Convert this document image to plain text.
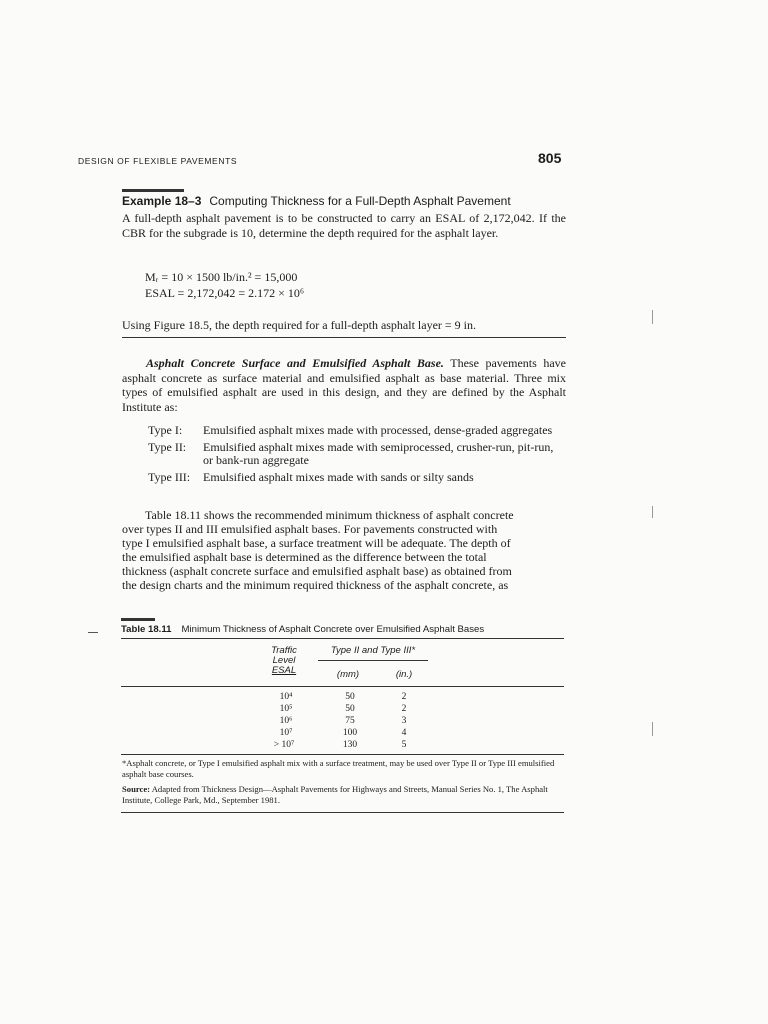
DESIGN OF FLEXIBLE PAVEMENTS	805
Example 18–3 Computing Thickness for a Full-Depth Asphalt Pavement
A full-depth asphalt pavement is to be constructed to carry an ESAL of 2,172,042. If the CBR for the subgrade is 10, determine the depth required for the asphalt layer.
Mᵣ = 10 × 1500 lb/in.² = 15,000
ESAL = 2,172,042 = 2.172 × 10⁶
Using Figure 18.5, the depth required for a full-depth asphalt layer = 9 in.
Asphalt Concrete Surface and Emulsified Asphalt Base. These pavements have asphalt concrete as surface material and emulsified asphalt as base material. Three mix types of emulsified asphalt are used in this design, and they are defined by the Asphalt Institute as:
Type I:	Emulsified asphalt mixes made with processed, dense-graded aggregates
Type II:	Emulsified asphalt mixes made with semiprocessed, crusher-run, pit-run, or bank-run aggregate
Type III:	Emulsified asphalt mixes made with sands or silty sands
Table 18.11 shows the recommended minimum thickness of asphalt concrete
over types II and III emulsified asphalt bases. For pavements constructed with
type I emulsified asphalt base, a surface treatment will be adequate. The depth of
the emulsified asphalt base is determined as the difference between the total
thickness (asphalt concrete surface and emulsified asphalt base) as obtained from
the design charts and the minimum required thickness of the asphalt concrete, as
Table 18.11 Minimum Thickness of Asphalt Concrete over Emulsified Asphalt Bases
Traffic
Level
ESAL
Type II and Type III*
(mm)	(in.)
10⁴	50	2
10⁵	50	2
10⁶	75	3
10⁷	100	4
> 10⁷	130	5
*Asphalt concrete, or Type I emulsified asphalt mix with a surface treatment, may be used over Type II or Type III emulsified asphalt base courses.
Source: Adapted from Thickness Design—Asphalt Pavements for Highways and Streets, Manual Series No. 1, The Asphalt Institute, College Park, Md., September 1981.
